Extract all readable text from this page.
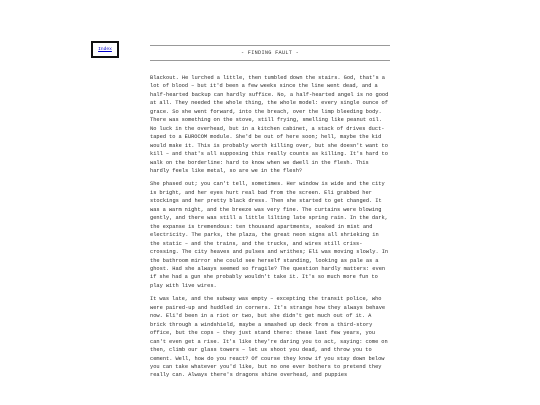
Index
- FINDING FAULT -

Blackout. He lurched a little, then tumbled down the stairs. God, that's a lot of blood – but it'd been a few weeks since the line went dead, and a half-hearted backup can hardly suffice. No, a half-hearted angel is no good at all. They needed the whole thing, the whole model: every single ounce of grace. So she went forward, into the breach, over the limp bleeding body. There was something on the stove, still frying, smelling like peanut oil. No luck in the overhead, but in a kitchen cabinet, a stack of drives duct-taped to a EUROCOM module. She'd be out of here soon; hell, maybe the kid would make it. This is probably worth killing over, but she doesn't want to kill – and that's all supposing this really counts as killing. It's hard to walk on the borderline: hard to know when we dwell in the flesh. This hardly feels like metal, so are we in the flesh?

She phased out; you can't tell, sometimes. Her window is wide and the city is bright, and her eyes hurt real bad from the screen. Eli grabbed her stockings and her pretty black dress. Then she started to get changed. It was a warm night, and the breeze was very fine. The curtains were blowing gently, and there was still a little lilting late spring rain. In the dark, the expanse is tremendous: ten thousand apartments, soaked in mist and electricity. The parks, the plaza, the great neon signs all shrieking in the static – and the trains, and the trucks, and wires still criss-crossing. The city heaves and pulses and writhes; Eli was moving slowly. In the bathroom mirror she could see herself standing, looking as pale as a ghost. Had she always seemed so fragile? The question hardly matters: even if she had a gun she probably wouldn't take it. It's so much more fun to play with live wires.

It was late, and the subway was empty – excepting the transit police, who were paired-up and huddled in corners. It's strange how they always behave now. Eli'd been in a riot or two, but she didn't get much out of it. A brick through a windshield, maybe a smashed up deck from a third-story office, but the cops – they just stand there: these last few years, you can't even get a rise. It's like they're daring you to act, saying: come on then, climb our glass towers – let us shoot you dead, and throw you to cement. Well, how do you react? Of course they know if you stay down below you can take whatever you'd like, but no one ever bothers to pretend they really can. Always there's dragons shine overhead, and puppies
